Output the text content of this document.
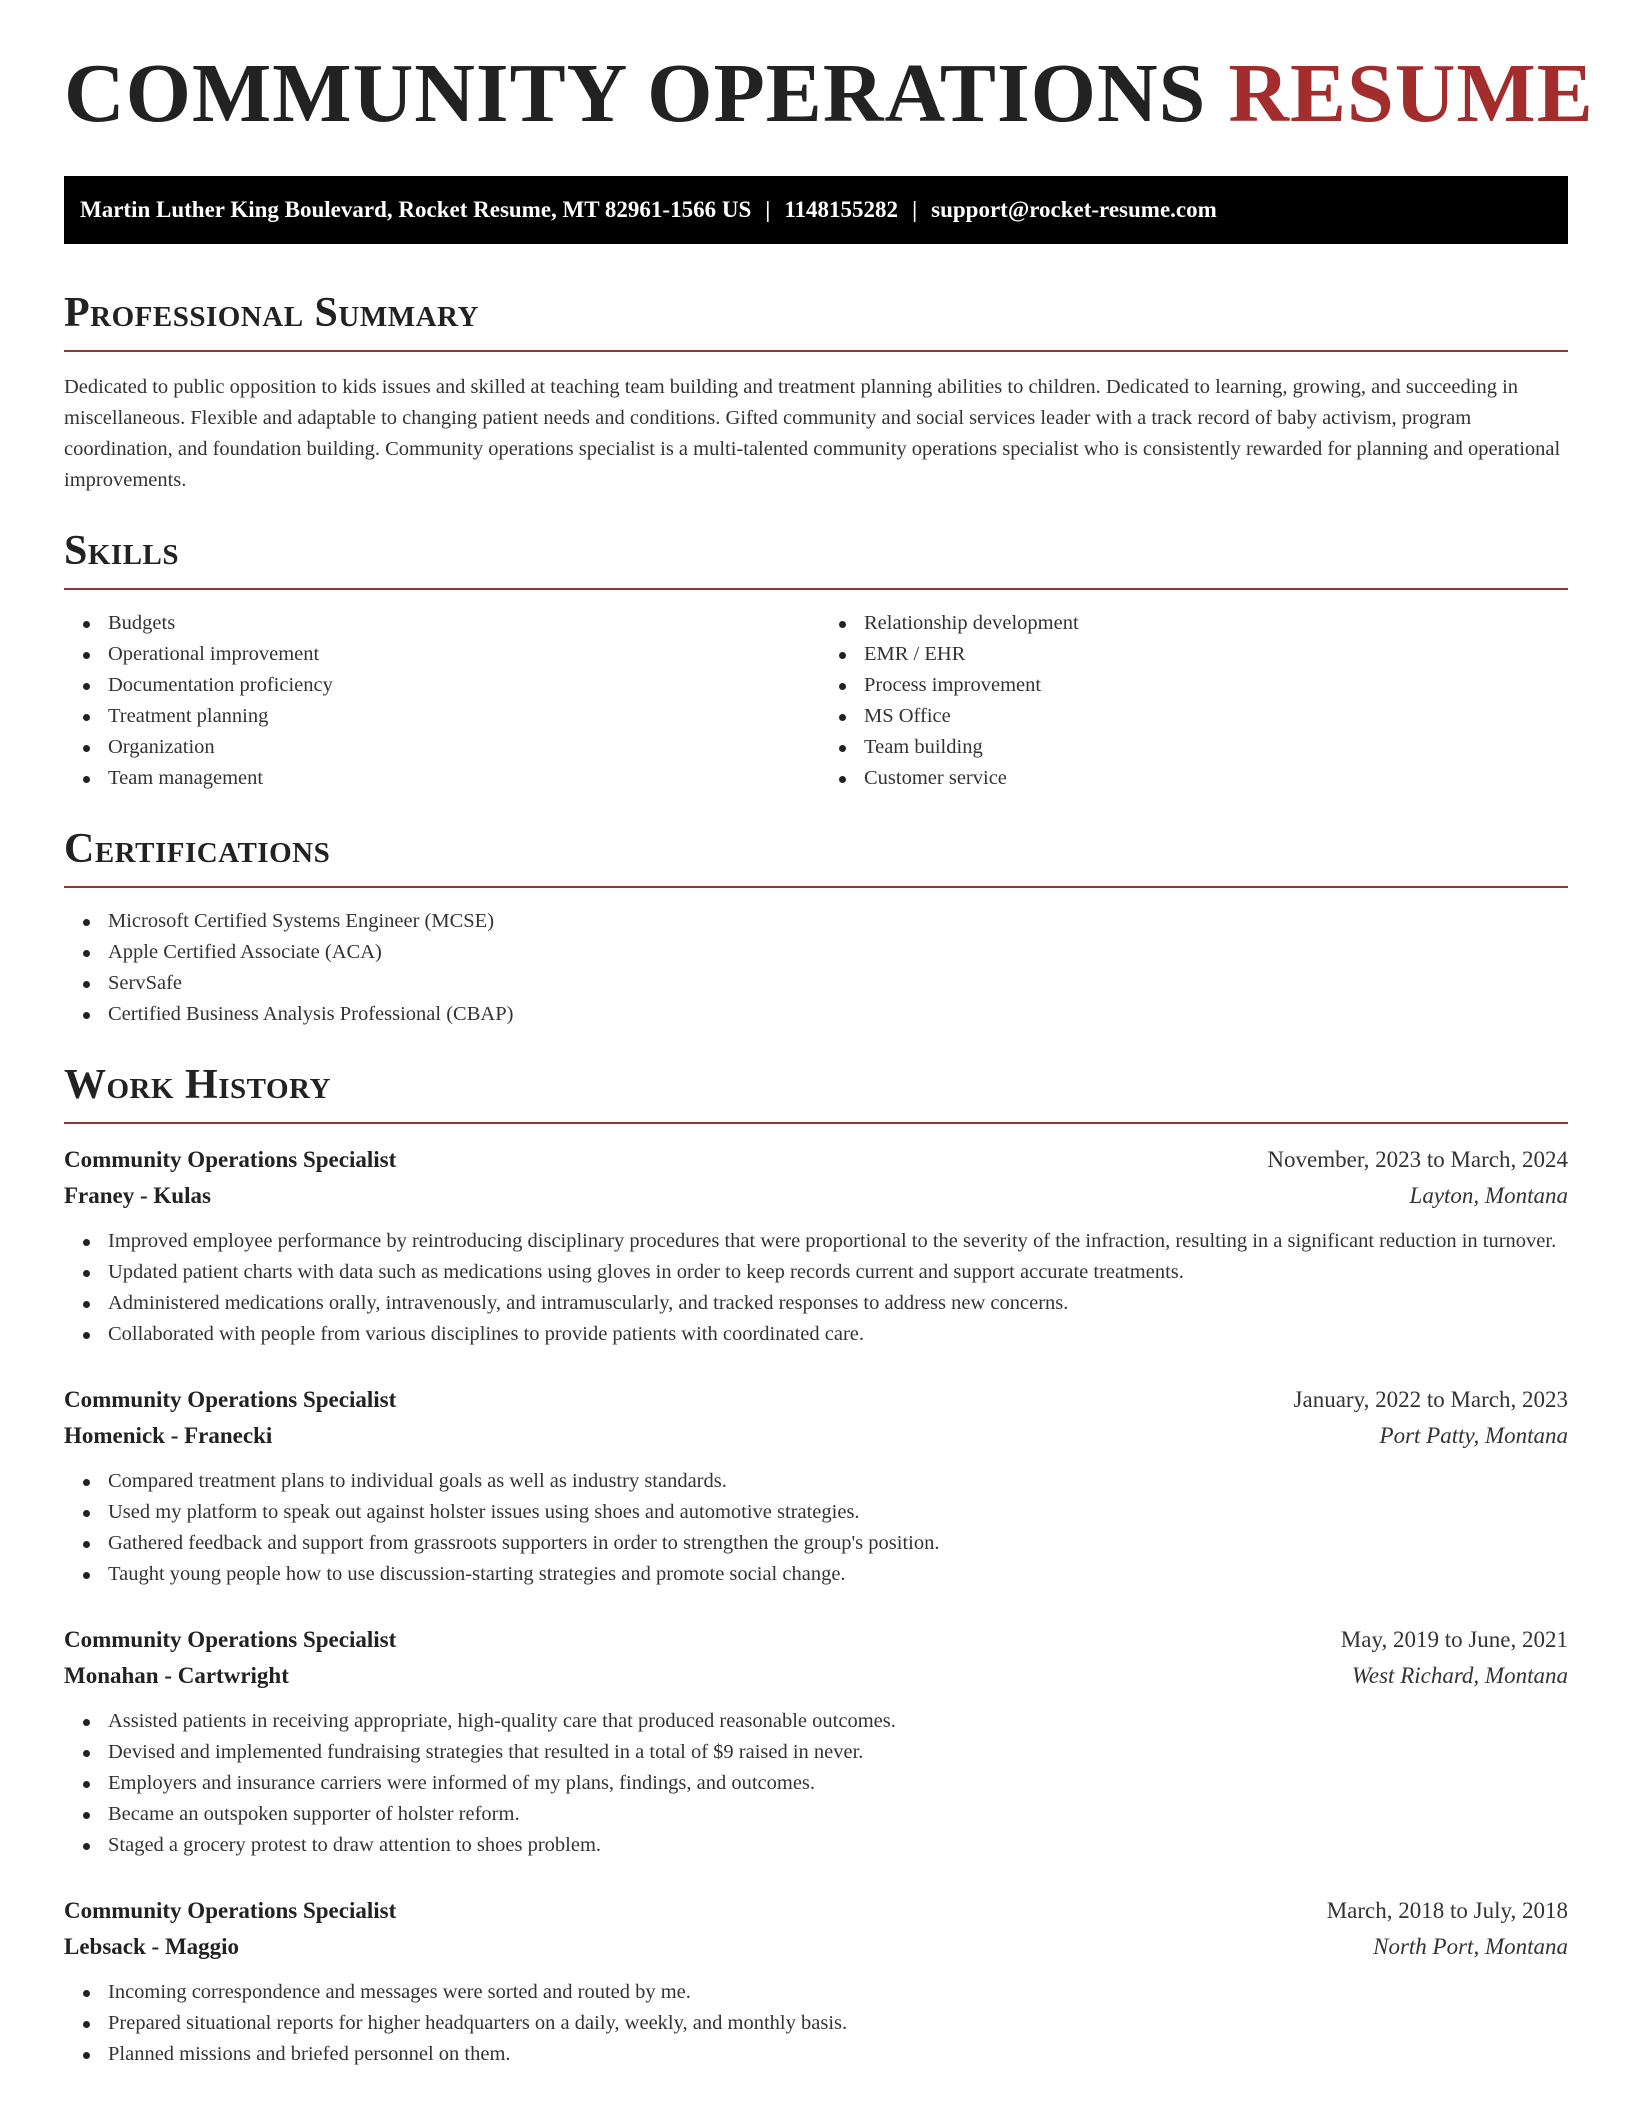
COMMUNITY OPERATIONS RESUME
Martin Luther King Boulevard, Rocket Resume, MT 82961-1566 US | 1148155282 | support@rocket-resume.com
Professional Summary

Dedicated to public opposition to kids issues and skilled at teaching team building and treatment planning abilities to children. Dedicated to learning, growing, and succeeding in miscellaneous. Flexible and adaptable to changing patient needs and conditions. Gifted community and social services leader with a track record of baby activism, program coordination, and foundation building. Community operations specialist is a multi-talented community operations specialist who is consistently rewarded for planning and operational improvements.

Skills
Budgets
Operational improvement
Documentation proficiency
Treatment planning
Organization
Team management
Relationship development
EMR / EHR
Process improvement
MS Office
Team building
Customer service
Certifications
Microsoft Certified Systems Engineer (MCSE)
Apple Certified Associate (ACA)
ServSafe
Certified Business Analysis Professional (CBAP)
Work History
Community Operations Specialist	November, 2023 to March, 2024
Franey - Kulas	Layton, Montana
Improved employee performance by reintroducing disciplinary procedures that were proportional to the severity of the infraction, resulting in a significant reduction in turnover.
Updated patient charts with data such as medications using gloves in order to keep records current and support accurate treatments.
Administered medications orally, intravenously, and intramuscularly, and tracked responses to address new concerns.
Collaborated with people from various disciplines to provide patients with coordinated care.
Community Operations Specialist	January, 2022 to March, 2023
Homenick - Franecki	Port Patty, Montana
Compared treatment plans to individual goals as well as industry standards.
Used my platform to speak out against holster issues using shoes and automotive strategies.
Gathered feedback and support from grassroots supporters in order to strengthen the group's position.
Taught young people how to use discussion-starting strategies and promote social change.
Community Operations Specialist	May, 2019 to June, 2021
Monahan - Cartwright	West Richard, Montana
Assisted patients in receiving appropriate, high-quality care that produced reasonable outcomes.
Devised and implemented fundraising strategies that resulted in a total of $9 raised in never.
Employers and insurance carriers were informed of my plans, findings, and outcomes.
Became an outspoken supporter of holster reform.
Staged a grocery protest to draw attention to shoes problem.
Community Operations Specialist	March, 2018 to July, 2018
Lebsack - Maggio	North Port, Montana
Incoming correspondence and messages were sorted and routed by me.
Prepared situational reports for higher headquarters on a daily, weekly, and monthly basis.
Planned missions and briefed personnel on them.
